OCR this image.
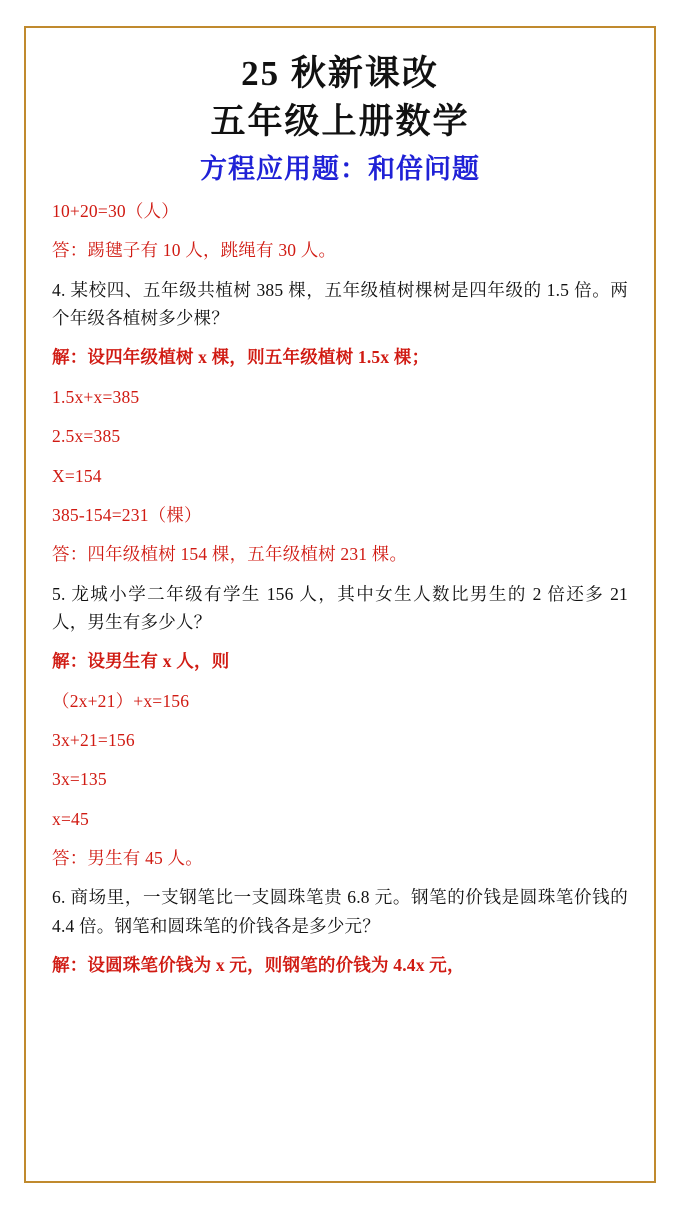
25 秋新课改
五年级上册数学
方程应用题：和倍问题

10+20=30（人）

答：踢毽子有 10 人，跳绳有 30 人。

4. 某校四、五年级共植树 385 棵，五年级植树棵树是四年级的 1.5 倍。两个年级各植树多少棵？

解：设四年级植树 x 棵，则五年级植树 1.5x 棵；

1.5x+x=385

2.5x=385

X=154

385-154=231（棵）

答：四年级植树 154 棵，五年级植树 231 棵。

5. 龙城小学二年级有学生 156 人，其中女生人数比男生的 2 倍还多 21 人，男生有多少人？

解：设男生有 x 人，则

（2x+21）+x=156

3x+21=156

3x=135

x=45

答：男生有 45 人。

6. 商场里，一支钢笔比一支圆珠笔贵 6.8 元。钢笔的价钱是圆珠笔价钱的 4.4 倍。钢笔和圆珠笔的价钱各是多少元？

解：设圆珠笔价钱为 x 元，则钢笔的价钱为 4.4x 元，
